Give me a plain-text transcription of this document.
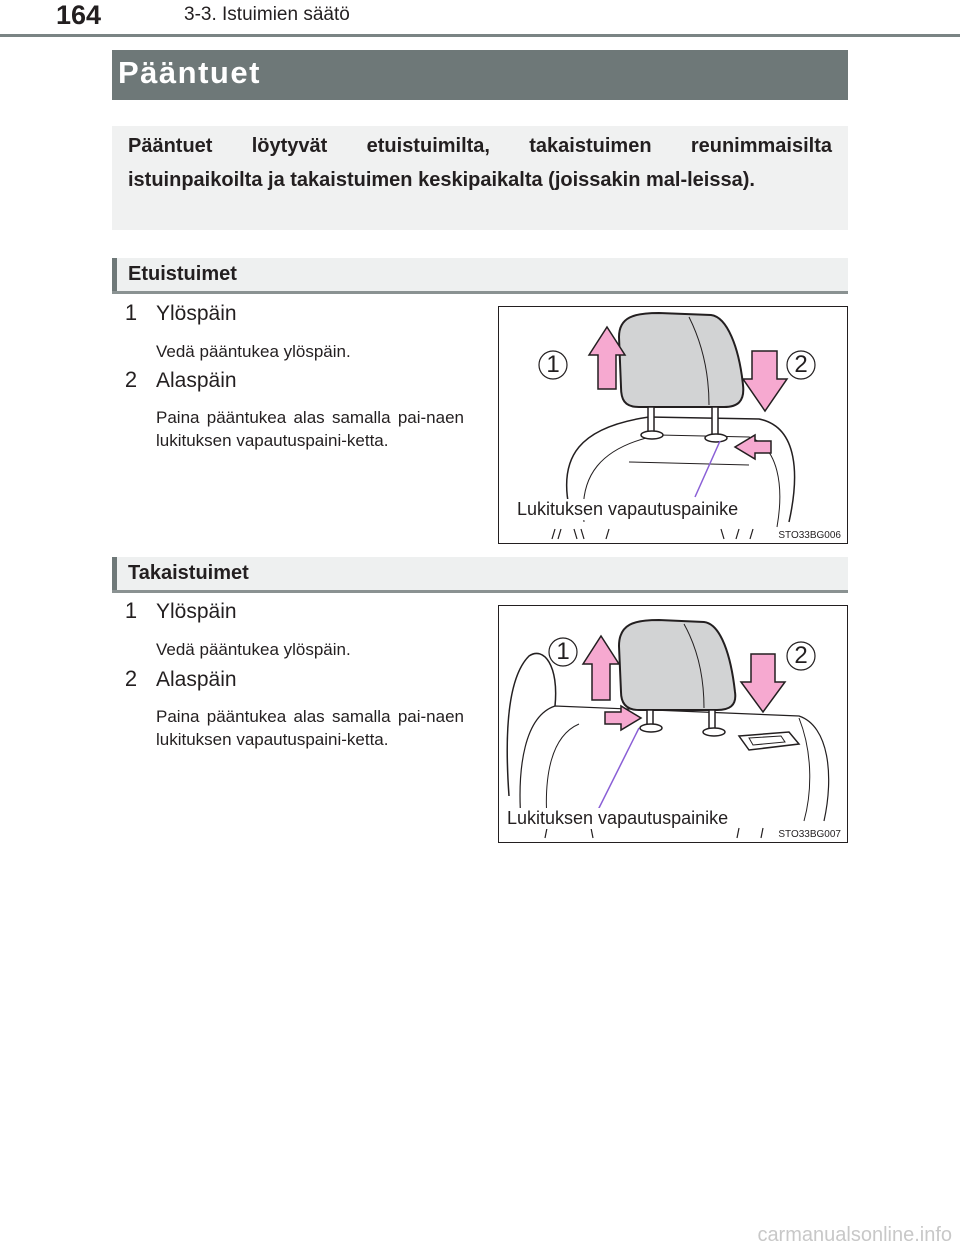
164	3-3. Istuimien säätö
Pääntuet

Pääntuet löytyvät etuistuimilta, takaistuimen reunimmaisilta istuinpaikoilta ja takaistuimen keskipaikalta (joissakin mal-leissa).

Etuistuimet
1 Ylöspäin

Vedä pääntukea ylöspäin.

2 Alaspäin

Paina pääntukea alas samalla pai-naen lukituksen vapautuspaini-ketta.

1	2
Lukituksen vapautuspainike
STO33BG006
Takaistuimet
1 Ylöspäin

Vedä pääntukea ylöspäin.

2 Alaspäin

Paina pääntukea alas samalla pai-naen lukituksen vapautuspaini-ketta.

1	2
Lukituksen vapautuspainike
STO33BG007
carmanualsonline.info
